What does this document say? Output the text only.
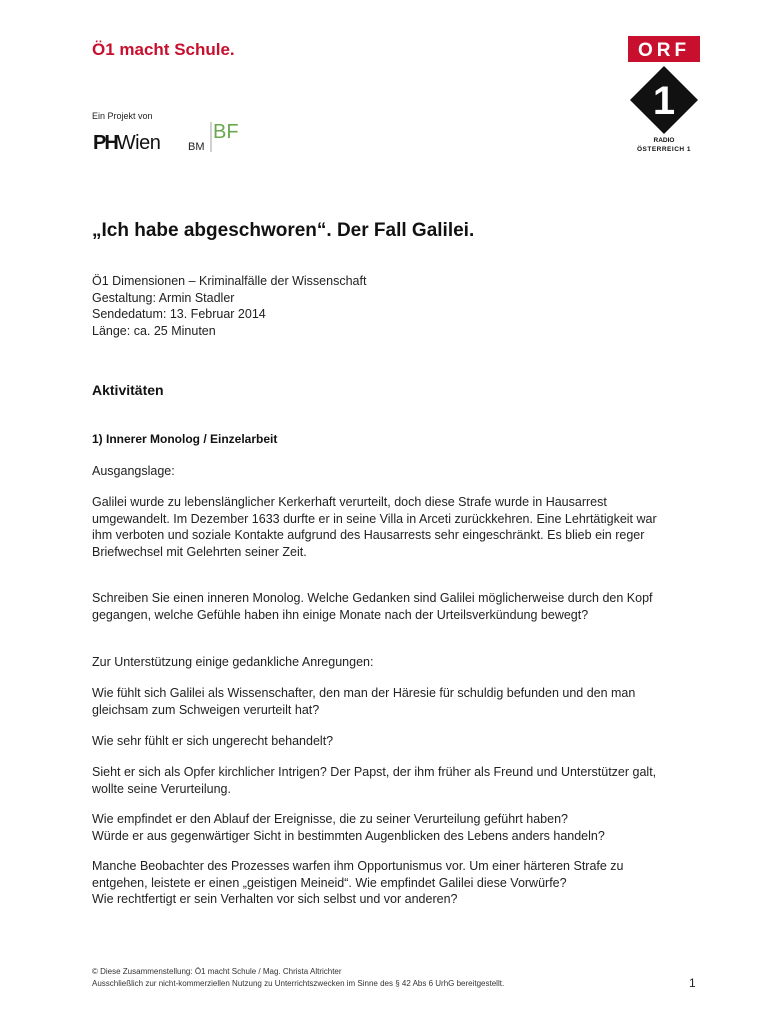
Ö1 macht Schule.
Ein Projekt von
PHWien	BM
BF
ORF
1
RADIO
ÖSTERREICH 1
„Ich habe abgeschworen“. Der Fall Galilei.
Ö1 Dimensionen – Kriminalfälle der Wissenschaft
Gestaltung: Armin Stadler
Sendedatum: 13. Februar 2014
Länge: ca. 25 Minuten
Aktivitäten
1) Innerer Monolog / Einzelarbeit
Ausgangslage:
Galilei wurde zu lebenslänglicher Kerkerhaft verurteilt, doch diese Strafe wurde in Hausarrest
umgewandelt. Im Dezember 1633 durfte er in seine Villa in Arceti zurückkehren. Eine Lehrtätigkeit war
ihm verboten und soziale Kontakte aufgrund des Hausarrests sehr eingeschränkt. Es blieb ein reger
Briefwechsel mit Gelehrten seiner Zeit.
Schreiben Sie einen inneren Monolog. Welche Gedanken sind Galilei möglicherweise durch den Kopf
gegangen, welche Gefühle haben ihn einige Monate nach der Urteilsverkündung bewegt?
Zur Unterstützung einige gedankliche Anregungen:
Wie fühlt sich Galilei als Wissenschafter, den man der Häresie für schuldig befunden und den man
gleichsam zum Schweigen verurteilt hat?
Wie sehr fühlt er sich ungerecht behandelt?
Sieht er sich als Opfer kirchlicher Intrigen? Der Papst, der ihm früher als Freund und Unterstützer galt,
wollte seine Verurteilung.
Wie empfindet er den Ablauf der Ereignisse, die zu seiner Verurteilung geführt haben?
Würde er aus gegenwärtiger Sicht in bestimmten Augenblicken des Lebens anders handeln?
Manche Beobachter des Prozesses warfen ihm Opportunismus vor. Um einer härteren Strafe zu
entgehen, leistete er einen „geistigen Meineid“. Wie empfindet Galilei diese Vorwürfe?
Wie rechtfertigt er sein Verhalten vor sich selbst und vor anderen?
© Diese Zusammenstellung: Ö1 macht Schule / Mag. Christa Altrichter
Ausschließlich zur nicht-kommerziellen Nutzung zu Unterrichtszwecken im Sinne des § 42 Abs 6 UrhG bereitgestellt.	1
